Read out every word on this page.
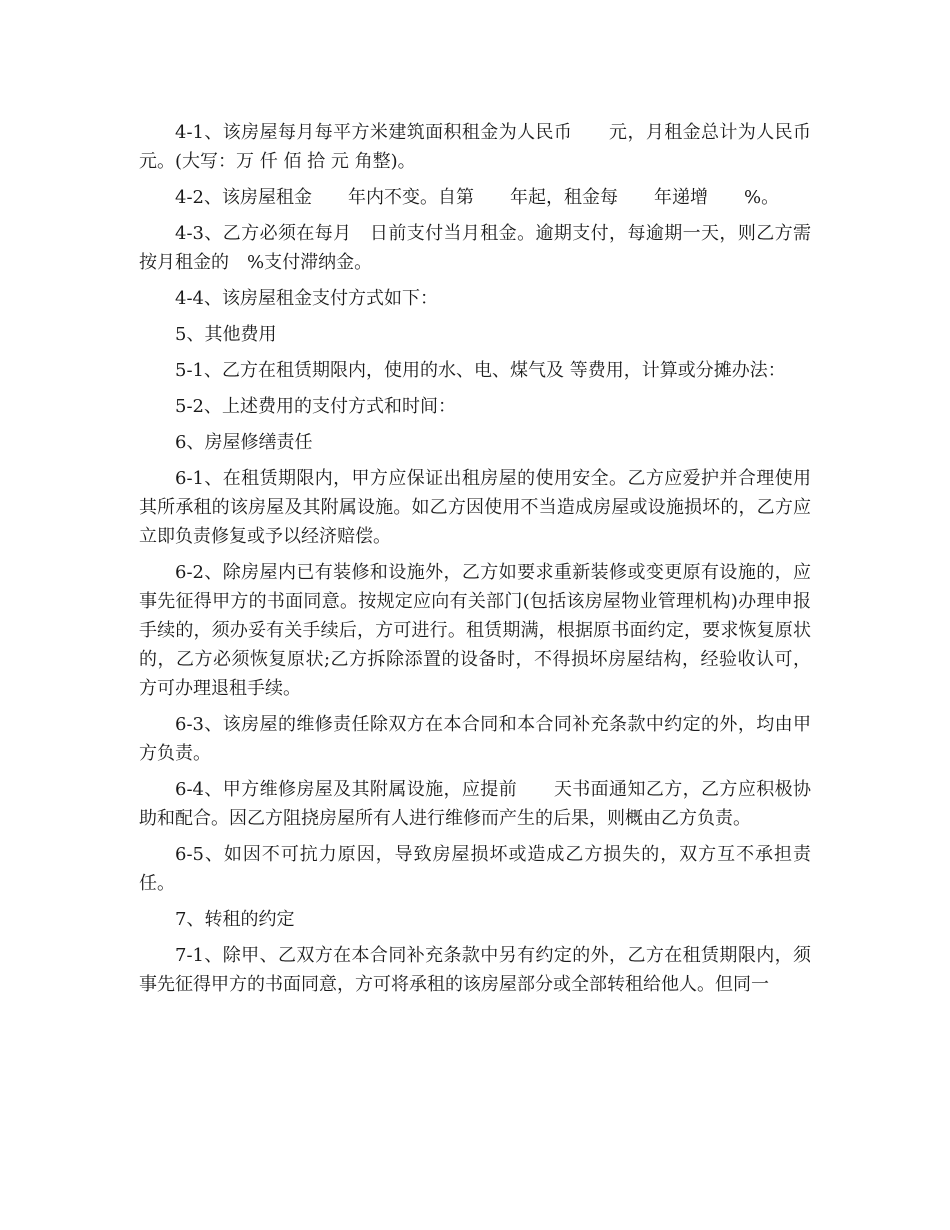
4-1、该房屋每月每平方米建筑面积租金为人民币　　元，月租金总计为人民币　元。(大写：万 仟 佰 拾 元 角整)。

4-2、该房屋租金　　年内不变。自第　　年起，租金每　　年递增　　%。

4-3、乙方必须在每月　日前支付当月租金。逾期支付，每逾期一天，则乙方需按月租金的　%支付滞纳金。

4-4、该房屋租金支付方式如下：

5、其他费用

5-1、乙方在租赁期限内，使用的水、电、煤气及 等费用，计算或分摊办法：

5-2、上述费用的支付方式和时间：

6、房屋修缮责任

6-1、在租赁期限内，甲方应保证出租房屋的使用安全。乙方应爱护并合理使用其所承租的该房屋及其附属设施。如乙方因使用不当造成房屋或设施损坏的，乙方应立即负责修复或予以经济赔偿。

6-2、除房屋内已有装修和设施外，乙方如要求重新装修或变更原有设施的，应事先征得甲方的书面同意。按规定应向有关部门(包括该房屋物业管理机构)办理申报手续的，须办妥有关手续后，方可进行。租赁期满，根据原书面约定，要求恢复原状的，乙方必须恢复原状;乙方拆除添置的设备时，不得损坏房屋结构，经验收认可，方可办理退租手续。

6-3、该房屋的维修责任除双方在本合同和本合同补充条款中约定的外，均由甲方负责。

6-4、甲方维修房屋及其附属设施，应提前　　天书面通知乙方，乙方应积极协助和配合。因乙方阻挠房屋所有人进行维修而产生的后果，则概由乙方负责。

6-5、如因不可抗力原因，导致房屋损坏或造成乙方损失的，双方互不承担责任。

7、转租的约定

7-1、除甲、乙双方在本合同补充条款中另有约定的外，乙方在租赁期限内，须事先征得甲方的书面同意，方可将承租的该房屋部分或全部转租给他人。但同一
